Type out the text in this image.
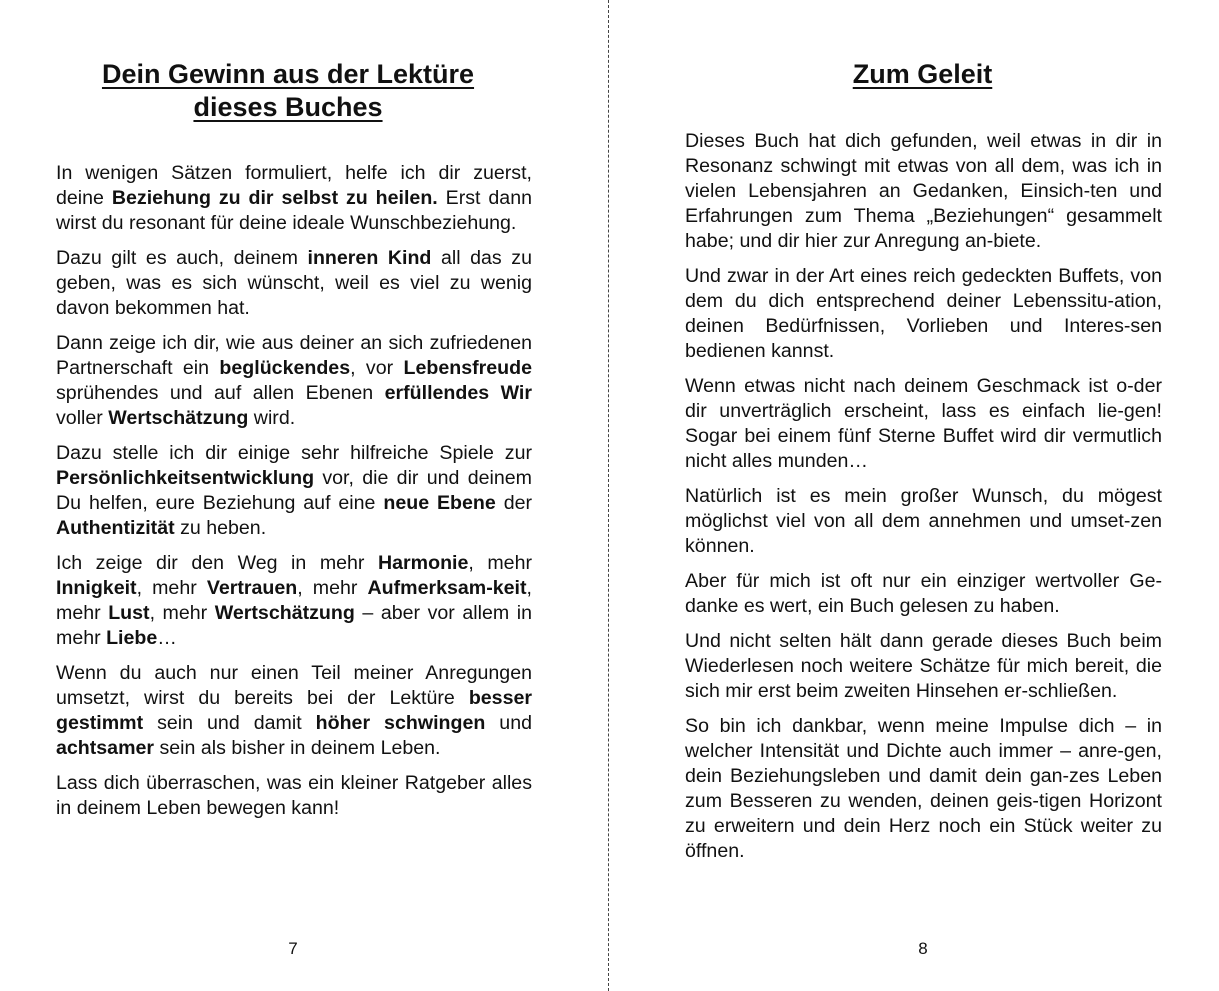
Dein Gewinn aus der Lektüre
dieses Buches

In wenigen Sätzen formuliert, helfe ich dir zuerst, deine Beziehung zu dir selbst zu heilen. Erst dann wirst du resonant für deine ideale Wunschbeziehung.

Dazu gilt es auch, deinem inneren Kind all das zu geben, was es sich wünscht, weil es viel zu wenig davon bekommen hat.

Dann zeige ich dir, wie aus deiner an sich zufriedenen Partnerschaft ein beglückendes, vor Lebensfreude sprühendes und auf allen Ebenen erfüllendes Wir voller Wertschätzung wird.

Dazu stelle ich dir einige sehr hilfreiche Spiele zur Persönlichkeitsentwicklung vor, die dir und deinem Du helfen, eure Beziehung auf eine neue Ebene der Authentizität zu heben.

Ich zeige dir den Weg in mehr Harmonie, mehr Innigkeit, mehr Vertrauen, mehr Aufmerksam-keit, mehr Lust, mehr Wertschätzung – aber vor allem in mehr Liebe…

Wenn du auch nur einen Teil meiner Anregungen umsetzt, wirst du bereits bei der Lektüre besser gestimmt sein und damit höher schwingen und achtsamer sein als bisher in deinem Leben.

Lass dich überraschen, was ein kleiner Ratgeber alles in deinem Leben bewegen kann!

7
Zum Geleit

Dieses Buch hat dich gefunden, weil etwas in dir in Resonanz schwingt mit etwas von all dem, was ich in vielen Lebensjahren an Gedanken, Einsich-ten und Erfahrungen zum Thema „Beziehungen“ gesammelt habe; und dir hier zur Anregung an-biete.

Und zwar in der Art eines reich gedeckten Buffets, von dem du dich entsprechend deiner Lebenssitu-ation, deinen Bedürfnissen, Vorlieben und Interes-sen bedienen kannst.

Wenn etwas nicht nach deinem Geschmack ist o-der dir unverträglich erscheint, lass es einfach lie-gen! Sogar bei einem fünf Sterne Buffet wird dir vermutlich nicht alles munden…

Natürlich ist es mein großer Wunsch, du mögest möglichst viel von all dem annehmen und umset-zen können.

Aber für mich ist oft nur ein einziger wertvoller Ge-danke es wert, ein Buch gelesen zu haben.

Und nicht selten hält dann gerade dieses Buch beim Wiederlesen noch weitere Schätze für mich bereit, die sich mir erst beim zweiten Hinsehen er-schließen.

So bin ich dankbar, wenn meine Impulse dich – in welcher Intensität und Dichte auch immer – anre-gen, dein Beziehungsleben und damit dein gan-zes Leben zum Besseren zu wenden, deinen geis-tigen Horizont zu erweitern und dein Herz noch ein Stück weiter zu öffnen.

8
